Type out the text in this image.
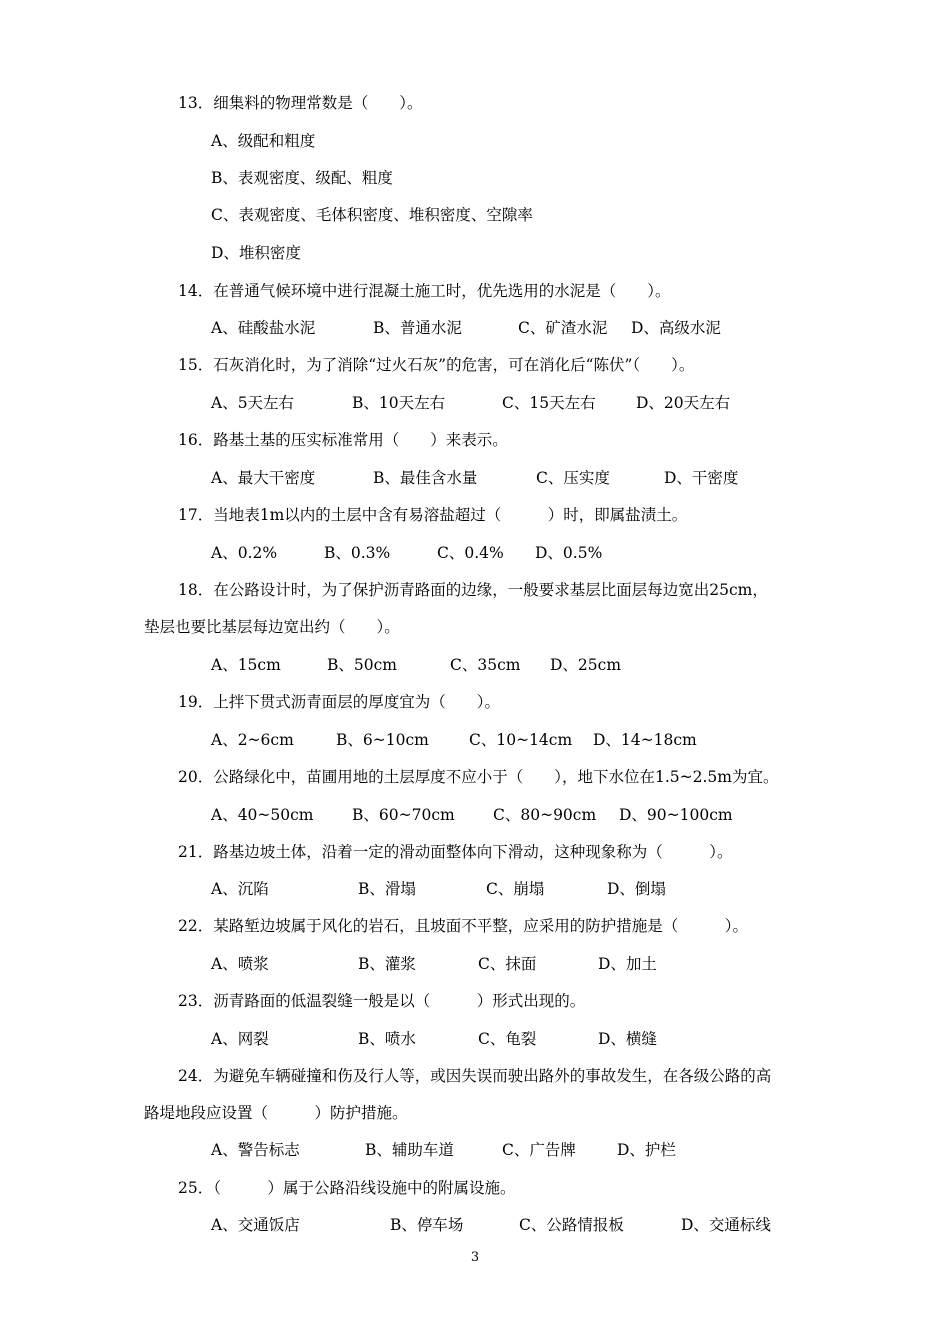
13．细集料的物理常数是（　　）。
A、级配和粗度
B、表观密度、级配、粗度
C、表观密度、毛体积密度、堆积密度、空隙率
D、堆积密度
14．在普通气候环境中进行混凝土施工时，优先选用的水泥是（　　）。
A、硅酸盐水泥	B、普通水泥	C、矿渣水泥 D、高级水泥
15．石灰消化时，为了消除“过火石灰”的危害，可在消化后“陈伏”（　　）。
A、5天左右	B、10天左右	C、15天左右	D、20天左右
16．路基土基的压实标准常用（　　）来表示。
A、最大干密度	B、最佳含水量	C、压实度	D、干密度
17．当地表1m以内的土层中含有易溶盐超过（　　　）时，即属盐渍土。
A、0.2%	B、0.3%	C、0.4% D、0.5%
18．在公路设计时，为了保护沥青路面的边缘，一般要求基层比面层每边宽出25cm，
垫层也要比基层每边宽出约（　　）。
A、15cm	B、50cm	C、35cm D、25cm
19．上拌下贯式沥青面层的厚度宜为（　　）。
A、2~6cm	B、6~10cm	C、10~14cm D、14~18cm
20．公路绿化中，苗圃用地的土层厚度不应小于（　　），地下水位在1.5~2.5m为宜。
A、40~50cm B、60~70cm C、80~90cm D、90~100cm
21．路基边坡土体，沿着一定的滑动面整体向下滑动，这种现象称为（　　　）。
A、沉陷	B、滑塌	C、崩塌	D、倒塌
22．某路堑边坡属于风化的岩石，且坡面不平整，应采用的防护措施是（　　　）。
A、喷浆	B、灌浆	C、抹面	D、加土
23．沥青路面的低温裂缝一般是以（　　　）形式出现的。
A、网裂	B、喷水	C、龟裂	D、横缝
24．为避免车辆碰撞和伤及行人等，或因失误而驶出路外的事故发生，在各级公路的高
路堤地段应设置（　　　）防护措施。
A、警告标志	B、辅助车道	C、广告牌	D、护栏
25．（　　　）属于公路沿线设施中的附属设施。
A、交通饭店	B、停车场	C、公路情报板	D、交通标线
3
